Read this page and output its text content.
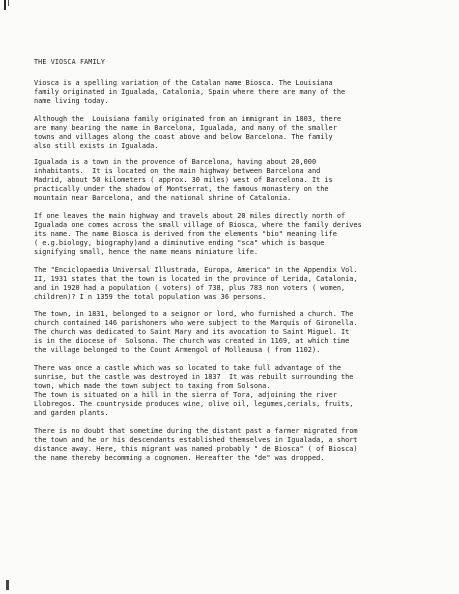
THE VIOSCA FAMILY
Viosca is a spelling variation of the Catalan name Biosca. The Louisiana
family originated in Igualada, Catalonia, Spain where there are many of the
name living today.
Although the  Louisiana family originated from an immigrant in 1803, there
are many bearing the name in Barcelona, Igualada, and many of the smaller
towns and villages along the coast above and below Barcelona. The family
also still exists in Igualada.
Igualada is a town in the provence of Barcelona, having about 20,000
inhabitants.  It is located on the main highway between Barcelona and
Madrid, about 50 kilometers ( approx. 30 miles) west of Barcelona. It is
practically under the shadow of Montserrat, the famous monastery on the
mountain near Barcelona, and the national shrine of Catalonia.
If one leaves the main highway and travels about 20 miles directly north of
Igualada one comes across the small village of Biosca, where the family derives
its name. The name Biosca is derived from the elements "bio" meaning life
( e.g.biology, biography)and a diminutive ending "sca" which is basque
signifying small, hence the name means miniature life.
The "Enciclopaedia Universal Illustrada, Europa, America" in the Appendix Vol.
II, 1931 states that the town is located in the province of Lerida, Catalonia,
and in 1920 had a population ( voters) of 738, plus 783 non voters ( women,
children)? I n 1359 the total population was 36 persons.
The town, in 1831, belonged to a seignor or lord, who furnished a church. The
church contained 146 parishoners who were subject to the Marquis of Gironella.
The church was dedicated to Saint Mary and its avocation to Saint Miguel. It
is in the diocese of  Solsona. The church was created in 1169, at which time
the village belonged to the Count Armengol of Molleausa ( from 1102).
There was once a castle which was so located to take full advantage of the
sunrise, but the castle was destroyed in 1837  It was rebuilt surrounding the
town, which made the town subject to taxing from Solsona.
The town is situated on a hill in the sierra of Tora, adjoining the river
Llobregos. The countryside produces wine, olive oil, legumes,cerials, fruits,
and garden plants.
There is no doubt that sometime during the distant past a farmer migrated from
the town and he or his descendants established themselves in Igualada, a short
distance away. Here, this migrant was named probably " de Biosca" ( of Biosca)
the name thereby becomming a cognomen. Hereafter the "de" was dropped.
